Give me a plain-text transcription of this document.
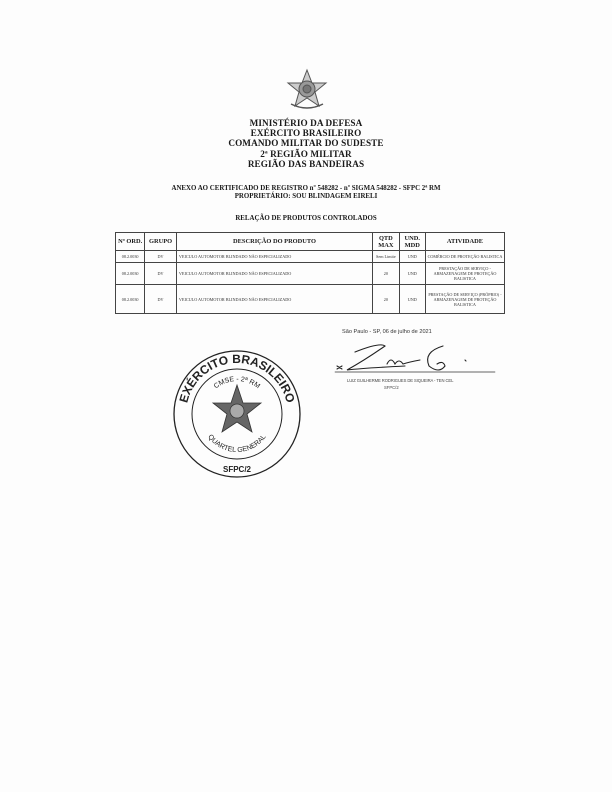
MINISTÉRIO DA DEFESA
EXÉRCITO BRASILEIRO
COMANDO MILITAR DO SUDESTE
2ª REGIÃO MILITAR
REGIÃO DAS BANDEIRAS
ANEXO AO CERTIFICADO DE REGISTRO nº 548282 - nº SIGMA 548282 - SFPC 2ª RM
PROPRIETÁRIO: SOU BLINDAGEM EIRELI
RELAÇÃO DE PRODUTOS CONTROLADOS
Nº ORD.	GRUPO	DESCRIÇÃO DO PRODUTO	QTD MAX	UND. MDD	ATIVIDADE
08.2.0030	DV	VEICULO AUTOMOTOR BLINDADO NÃO ESPECIALIZADO	Sem Limite	UND	COMÉRCIO DE PROTEÇÃO BALISTICA
08.2.0030	DV	VEICULO AUTOMOTOR BLINDADO NÃO ESPECIALIZADO	20	UND	PRESTAÇÃO DE SERVIÇO - ARMAZENAGEM DE PROTEÇÃO BALISTICA
08.2.0030	DV	VEICULO AUTOMOTOR BLINDADO NÃO ESPECIALIZADO	20	UND	PRESTAÇÃO DE SERVIÇO (PRÓPRIO) - ARMAZENAGEM DE PROTEÇÃO BALISTICA
São Paulo - SP, 06 de julho de 2021
LUIZ GUILHERME RODRIGUES DE SIQUEIRA - TEN CEL
SFPC/2
EXÉRCITO BRASILEIRO
CMSE - 2ª RM
QUARTEL GENERAL
SFPC/2
